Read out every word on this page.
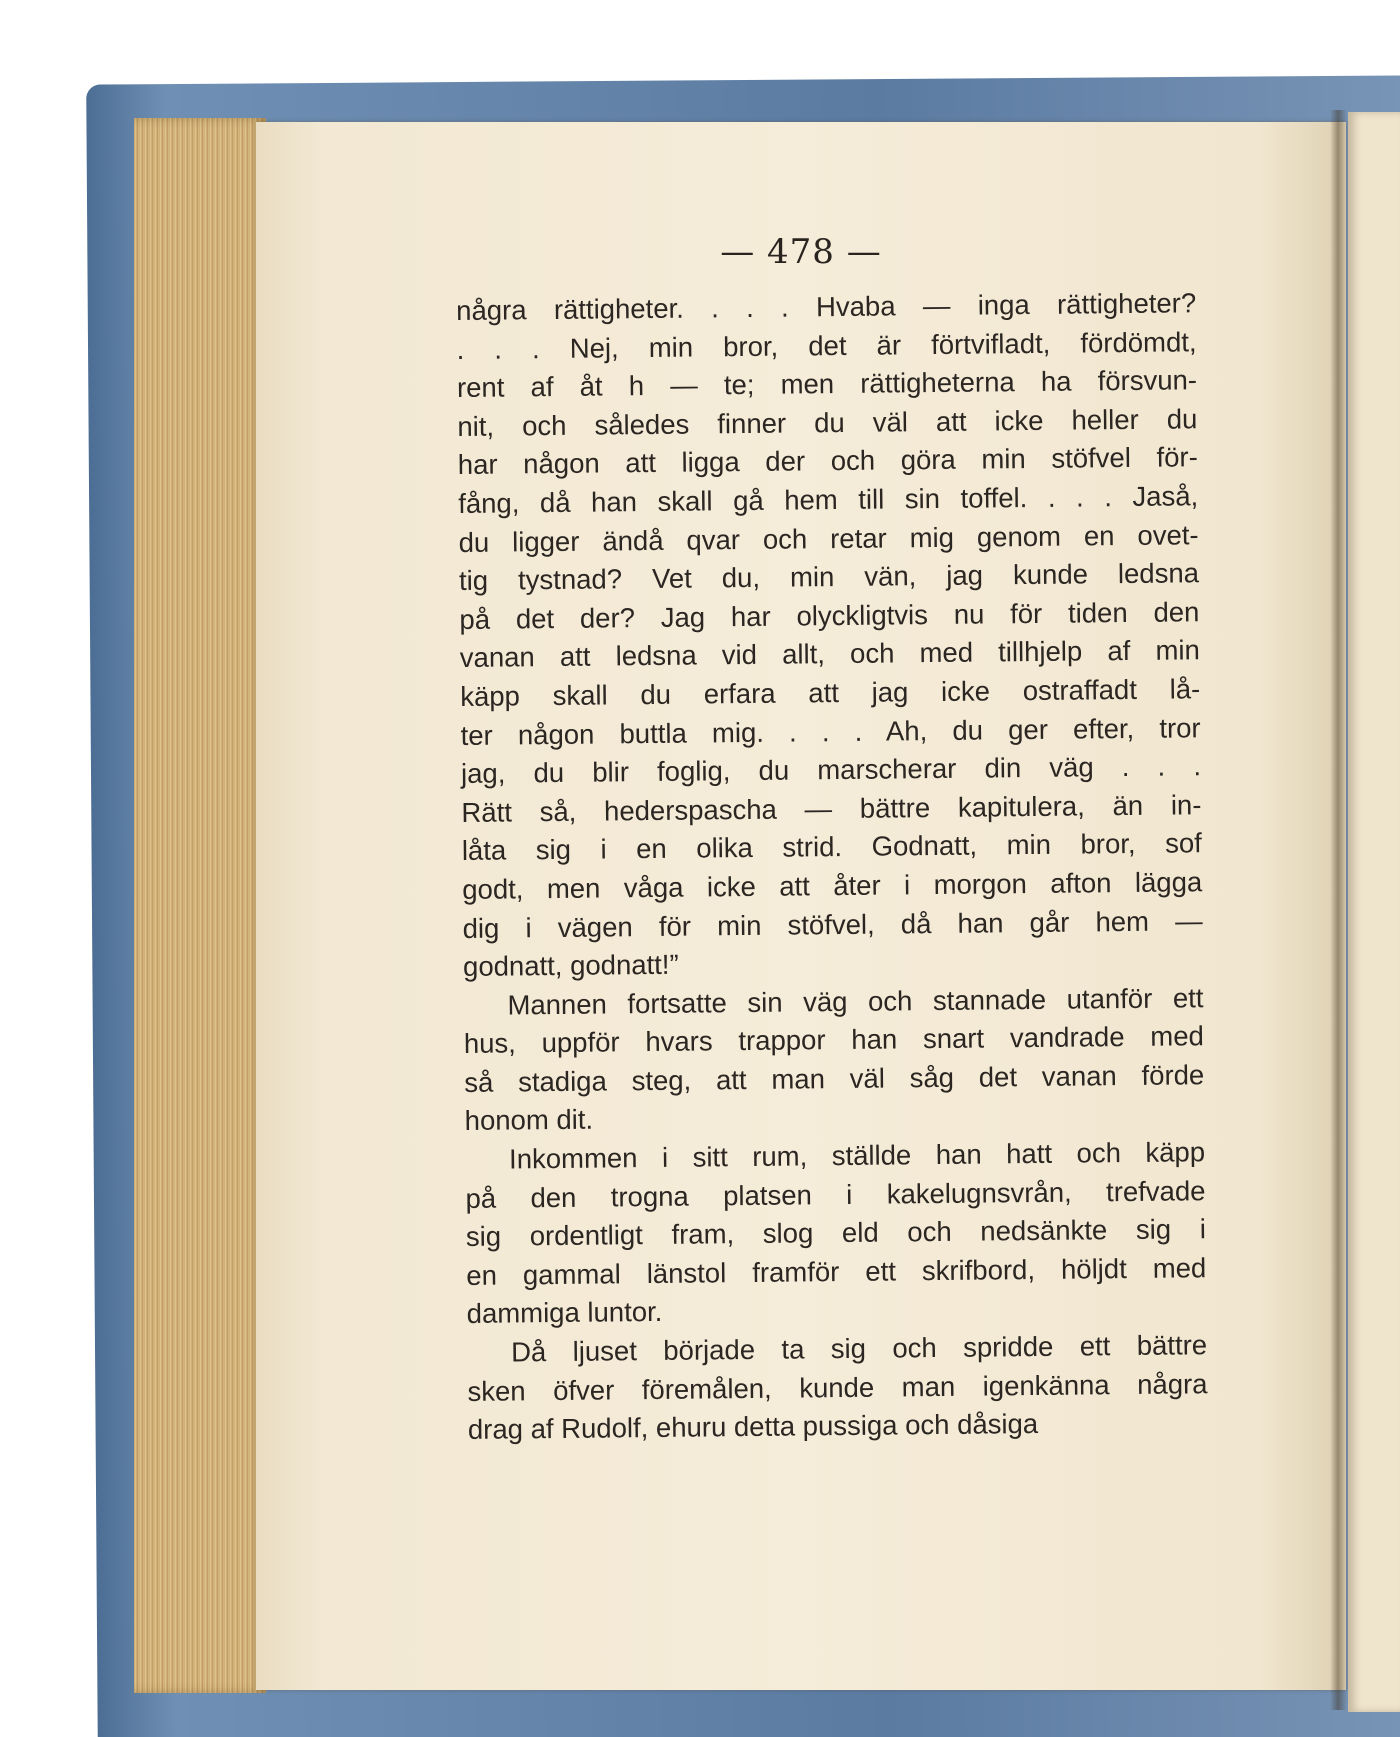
— 478 —
några rättigheter. . . . Hvaba — inga rättigheter?
. . . Nej, min bror, det är förtviﬂadt, fördömdt,
rent af åt h — te; men rättigheterna ha försvun-
nit, och således finner du väl att icke heller du
har någon att ligga der och göra min stöfvel för-
fång, då han skall gå hem till sin toffel. . . . Jaså,
du ligger ändå qvar och retar mig genom en ovet-
tig tystnad? Vet du, min vän, jag kunde ledsna
på det der? Jag har olyckligtvis nu för tiden den
vanan att ledsna vid allt, och med tillhjelp af min
käpp skall du erfara att jag icke ostraffadt lå-
ter någon buttla mig. . . . Ah, du ger efter, tror
jag, du blir foglig, du marscherar din väg . . .
Rätt så, hederspascha — bättre kapitulera, än in-
låta sig i en olika strid. Godnatt, min bror, sof
godt, men våga icke att åter i morgon afton lägga
dig i vägen för min stöfvel, då han går hem —
godnatt, godnatt!”
Mannen fortsatte sin väg och stannade utanför ett
hus, uppför hvars trappor han snart vandrade med
så stadiga steg, att man väl såg det vanan förde
honom dit.
Inkommen i sitt rum, ställde han hatt och käpp
på den trogna platsen i kakelugnsvrån, trefvade
sig ordentligt fram, slog eld och nedsänkte sig i
en gammal länstol framför ett skrifbord, höljdt med
dammiga luntor.
Då ljuset började ta sig och spridde ett bättre
sken öfver föremålen, kunde man igenkänna några
drag af Rudolf, ehuru detta pussiga och dåsiga
